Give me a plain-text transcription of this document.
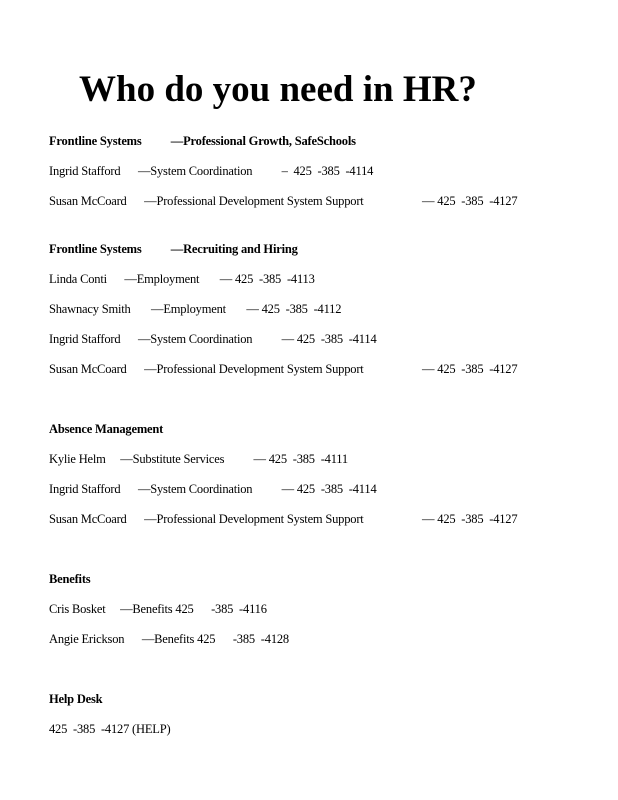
Who do you need in HR?
Frontline Systems          —Professional Growth, SafeSchools
Ingrid Stafford      —System Coordination          –  425  -385  -4114
Susan McCoard      —Professional Development System Support                    — 425  -385  -4127
Frontline Systems          —Recruiting and Hiring
Linda Conti      —Employment       — 425  -385  -4113
Shawnacy Smith       —Employment       — 425  -385  -4112
Ingrid Stafford      —System Coordination          — 425  -385  -4114
Susan McCoard      —Professional Development System Support                    — 425  -385  -4127
Absence Management
Kylie Helm     —Substitute Services          — 425  -385  -4111
Ingrid Stafford      —System Coordination          — 425  -385  -4114
Susan McCoard      —Professional Development System Support                    — 425  -385  -4127
Benefits
Cris Bosket     —Benefits 425      -385  -4116
Angie Erickson      —Benefits 425      -385  -4128
Help Desk
425  -385  -4127 (HELP)
